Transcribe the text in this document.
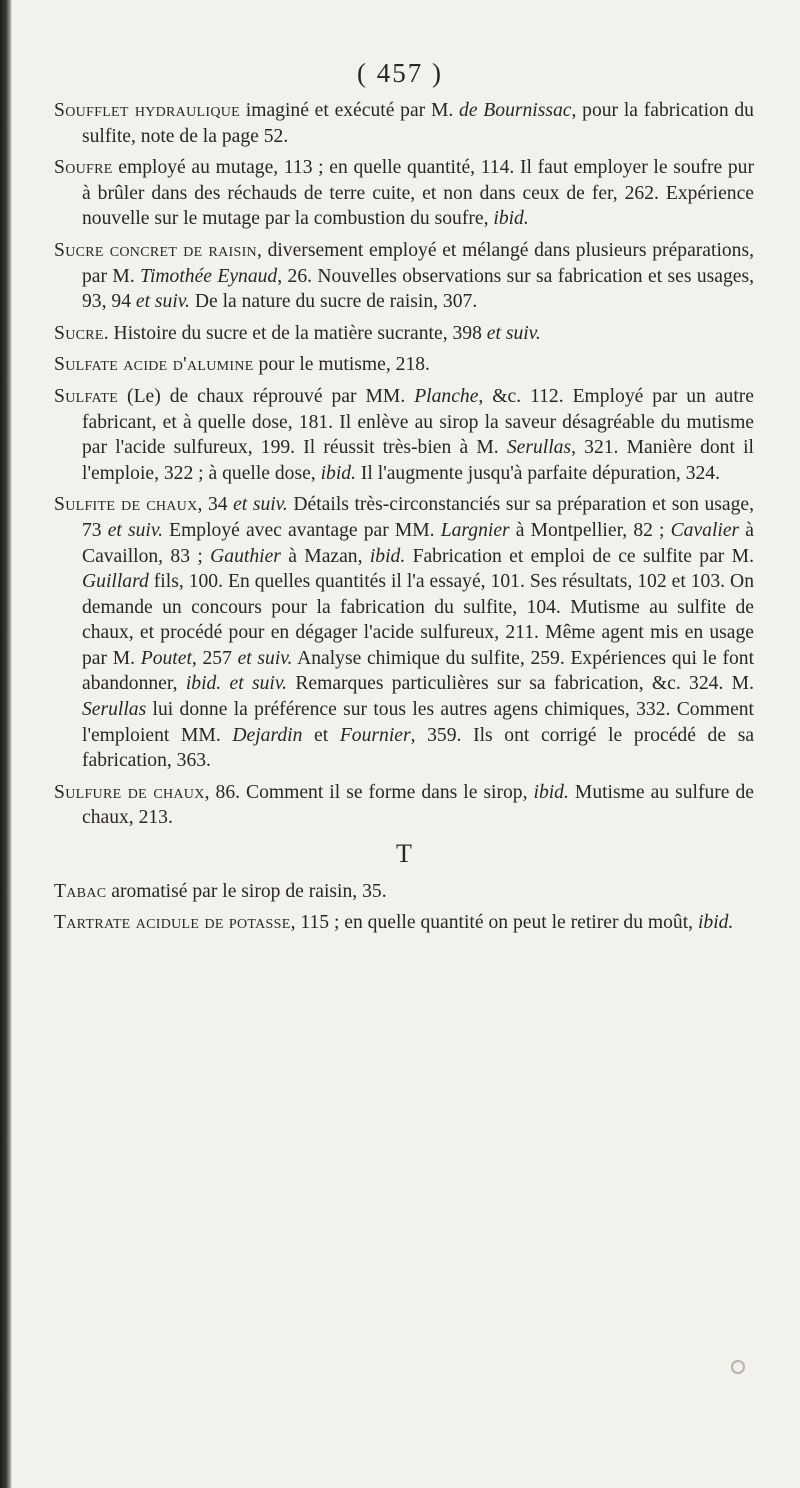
( 457 )

Soufflet hydraulique imaginé et exécuté par M. de Bournissac, pour la fabrication du sulfite, note de la page 52.

Soufre employé au mutage, 113 ; en quelle quantité, 114. Il faut employer le soufre pur à brûler dans des réchauds de terre cuite, et non dans ceux de fer, 262. Expérience nouvelle sur le mutage par la combustion du soufre, ibid.

Sucre concret de raisin, diversement employé et mélangé dans plusieurs préparations, par M. Timothée Eynaud, 26. Nouvelles observations sur sa fabrication et ses usages, 93, 94 et suiv. De la nature du sucre de raisin, 307.

Sucre. Histoire du sucre et de la matière sucrante, 398 et suiv.

Sulfate acide d'alumine pour le mutisme, 218.

Sulfate (Le) de chaux réprouvé par MM. Planche, &c. 112. Employé par un autre fabricant, et à quelle dose, 181. Il enlève au sirop la saveur désagréable du mutisme par l'acide sulfureux, 199. Il réussit très-bien à M. Serullas, 321. Manière dont il l'emploie, 322 ; à quelle dose, ibid. Il l'augmente jusqu'à parfaite dépuration, 324.

Sulfite de chaux, 34 et suiv. Détails très-circonstanciés sur sa préparation et son usage, 73 et suiv. Employé avec avantage par MM. Largnier à Montpellier, 82 ; Cavalier à Cavaillon, 83 ; Gauthier à Mazan, ibid. Fabrication et emploi de ce sulfite par M. Guillard fils, 100. En quelles quantités il l'a essayé, 101. Ses résultats, 102 et 103. On demande un concours pour la fabrication du sulfite, 104. Mutisme au sulfite de chaux, et procédé pour en dégager l'acide sulfureux, 211. Même agent mis en usage par M. Poutet, 257 et suiv. Analyse chimique du sulfite, 259. Expériences qui le font abandonner, ibid. et suiv. Remarques particulières sur sa fabrication, &c. 324. M. Serullas lui donne la préférence sur tous les autres agens chimiques, 332. Comment l'emploient MM. Dejardin et Fournier, 359. Ils ont corrigé le procédé de sa fabrication, 363.

Sulfure de chaux, 86. Comment il se forme dans le sirop, ibid. Mutisme au sulfure de chaux, 213.

T

Tabac aromatisé par le sirop de raisin, 35.

Tartrate acidule de potasse, 115 ; en quelle quantité on peut le retirer du moût, ibid.
